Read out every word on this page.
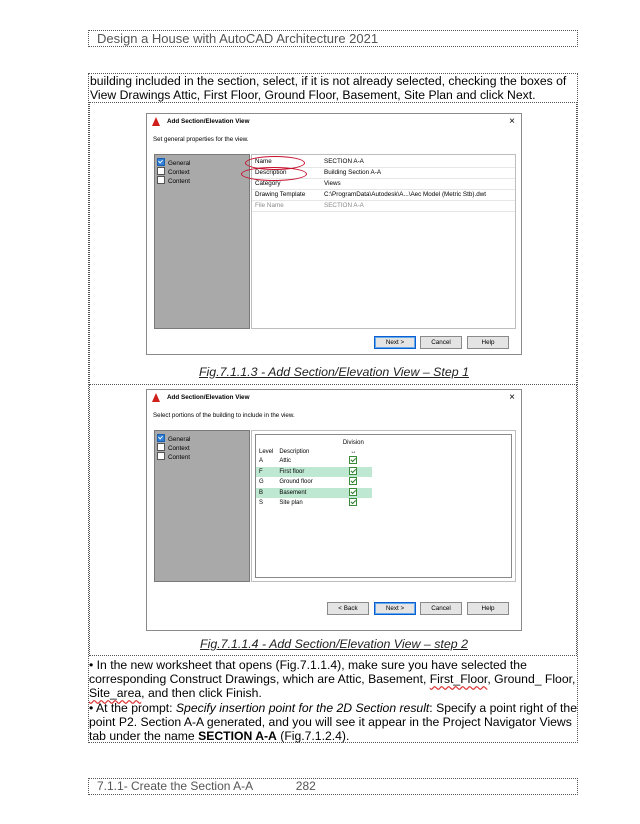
Design a House with AutoCAD Architecture 2021
building included in the section, select, if it is not already selected, checking the boxes of View Drawings Attic, First Floor, Ground Floor, Basement, Site Plan and click Next.
Add Section/Elevation View	×
Set general properties for the view.
General
Context
Content
Name	SECTION A-A
Description	Building Section A-A
Category	Views
Drawing Template	C:\ProgramData\Autodesk\A...\Aec Model (Metric Stb).dwt
File Name	SECTION A-A
Next >	Cancel	Help
Fig.7.1.1.3 - Add Section/Elevation View – Step 1
Add Section/Elevation View	×
Select portions of the building to include in the view.
General
Context
Content
		Division
Level	Description	↔
A	Attic	
F	First floor	
G	Ground floor	
B	Basement	
S	Site plan	
< Back	Next >	Cancel	Help
Fig.7.1.1.4 - Add Section/Elevation View – step 2

• In the new worksheet that opens (Fig.7.1.1.4), make sure you have selected the corresponding Construct Drawings, which are Attic, Basement, First_Floor, Ground_ Floor, Site_area, and then click Finish.

• At the prompt: Specify insertion point for the 2D Section result: Specify a point right of the point P2. Section A-A generated, and you will see it appear in the Project Navigator Views tab under the name SECTION A-A (Fig.7.1.2.4).

7.1.1- Create the Section A-A	282
